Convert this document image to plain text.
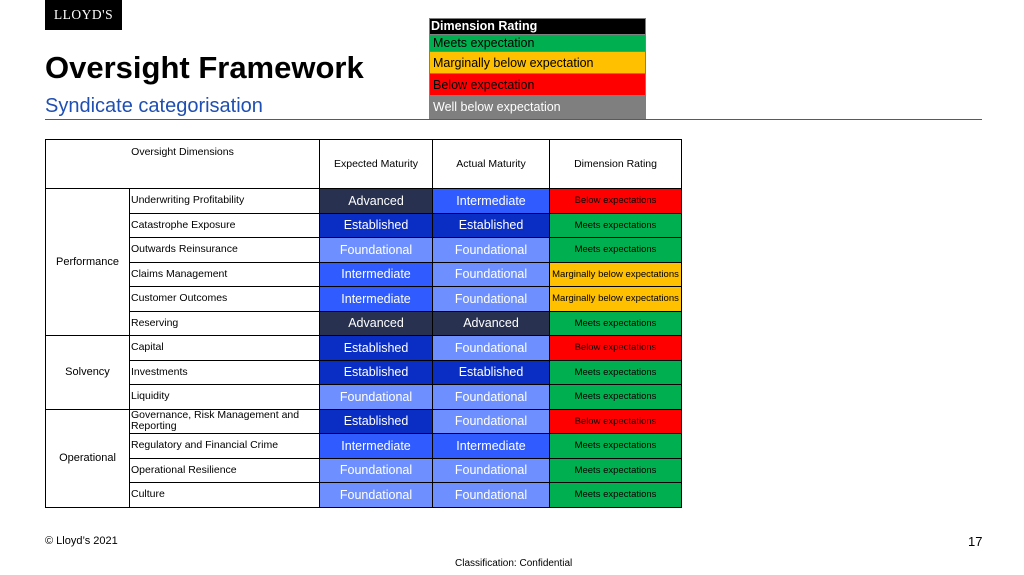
LLOYD'S
Oversight Framework
Syndicate categorisation
Dimension Rating
Meets expectation
Marginally below expectation
Below expectation
Well below expectation
Oversight Dimensions		Expected Maturity	Actual Maturity	Dimension Rating
Performance	Underwriting Profitability	Advanced	Intermediate	Below expectations
	Catastrophe Exposure	Established	Established	Meets expectations
	Outwards Reinsurance	Foundational	Foundational	Meets expectations
	Claims Management	Intermediate	Foundational	Marginally below expectations
	Customer Outcomes	Intermediate	Foundational	Marginally below expectations
	Reserving	Advanced	Advanced	Meets expectations
Solvency	Capital	Established	Foundational	Below expectations
	Investments	Established	Established	Meets expectations
	Liquidity	Foundational	Foundational	Meets expectations
Operational	Governance, Risk Management and Reporting	Established	Foundational	Below expectations
	Regulatory and Financial Crime	Intermediate	Intermediate	Meets expectations
	Operational Resilience	Foundational	Foundational	Meets expectations
	Culture	Foundational	Foundational	Meets expectations
© Lloyd’s 2021	17
Classification: Confidential
